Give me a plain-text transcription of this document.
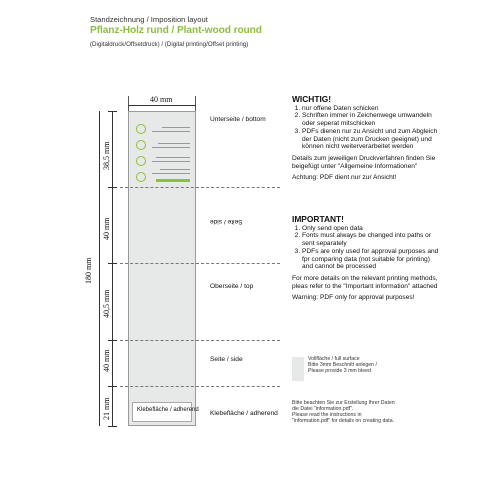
Standzeichnung / Imposition layout
Pflanz-Holz rund / Plant-wood round
(Digitaldruck/Offsetdruck) / (Digital printing/Offset printing)
40 mm
180 mm
38,5 mm
40 mm
40,5 mm
40 mm
21 mm	Klebefläche / adherend
Unterseite / bottom
Seite / side
Oberseite / top
Seite / side
Klebefläche / adherend
WICHTIG!
1. nur offene Daten schicken
2. Schriften immer in Zeichenwege umwandeln oder seperat mitschicken
3. PDFs dienen nur zu Ansicht und zum Abgleich der Daten (nicht zum Drucken geeignet) und können nicht weiterverarbeitet werden

Details zum jeweiligen Druckverfahren finden Sie beigefügt unter "Allgemeine Informationen"

Achtung: PDF dient nur zur Ansicht!

IMPORTANT!
1. Only send open data
2. Fonts must always be changed into paths or sent separately
3. PDFs are only used for approval purposes and fpr comparing data (not suitable for printing) and cannot be processed

For more details on the relevant printing methods, pleas refer to the "Important information" attached

Warning: PDF only for approval purposes!

Vollfläche / full surface
Bitte 3mm Beschnitt anlegen /
Please provide 3 mm bleed
Bitte beachten Sie zur Erstellung Ihrer Daten
die Datei "information.pdf".
Please read the instructions in
"information.pdf" for details on creating data.
